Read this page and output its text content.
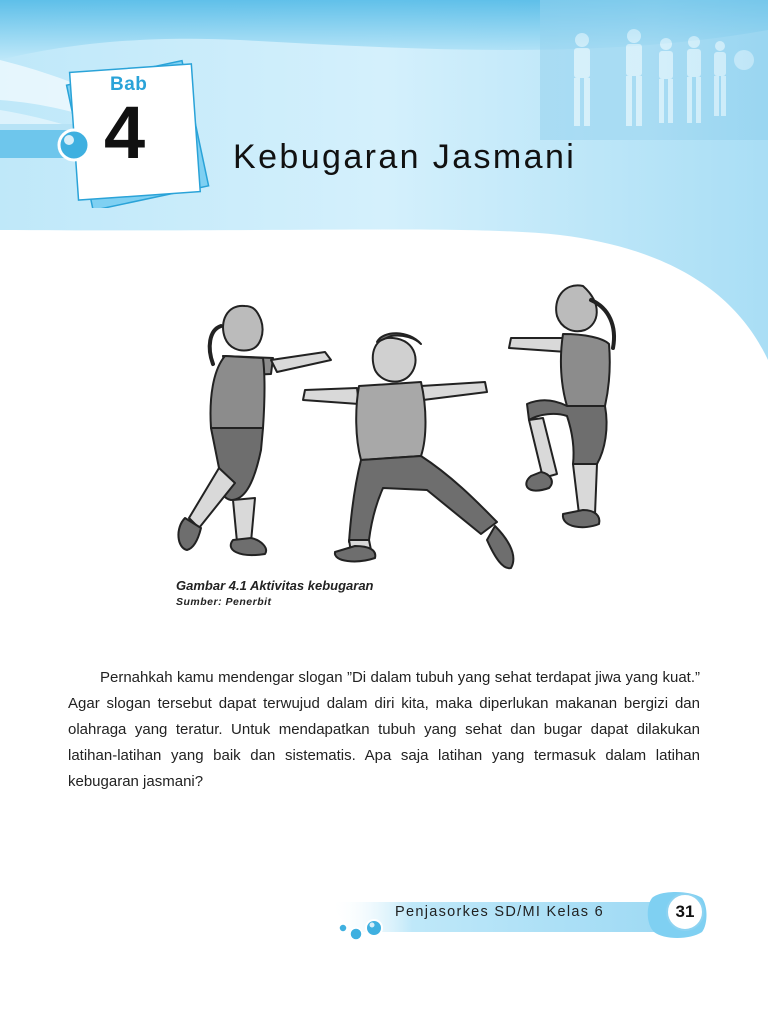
Bab
4	Kebugaran Jasmani
Gambar 4.1 Aktivitas kebugaran
Sumber: Penerbit

Pernahkah kamu mendengar slogan ”Di dalam tubuh yang sehat terdapat jiwa yang kuat.” Agar slogan tersebut dapat terwujud dalam diri kita, maka diperlukan makanan bergizi dan olahraga yang teratur. Untuk mendapatkan tubuh yang sehat dan bugar dapat dilakukan latihan-latihan yang baik dan sistematis. Apa saja latihan yang termasuk dalam latihan kebugaran jasmani?

Penjasorkes SD/MI Kelas 6	31
